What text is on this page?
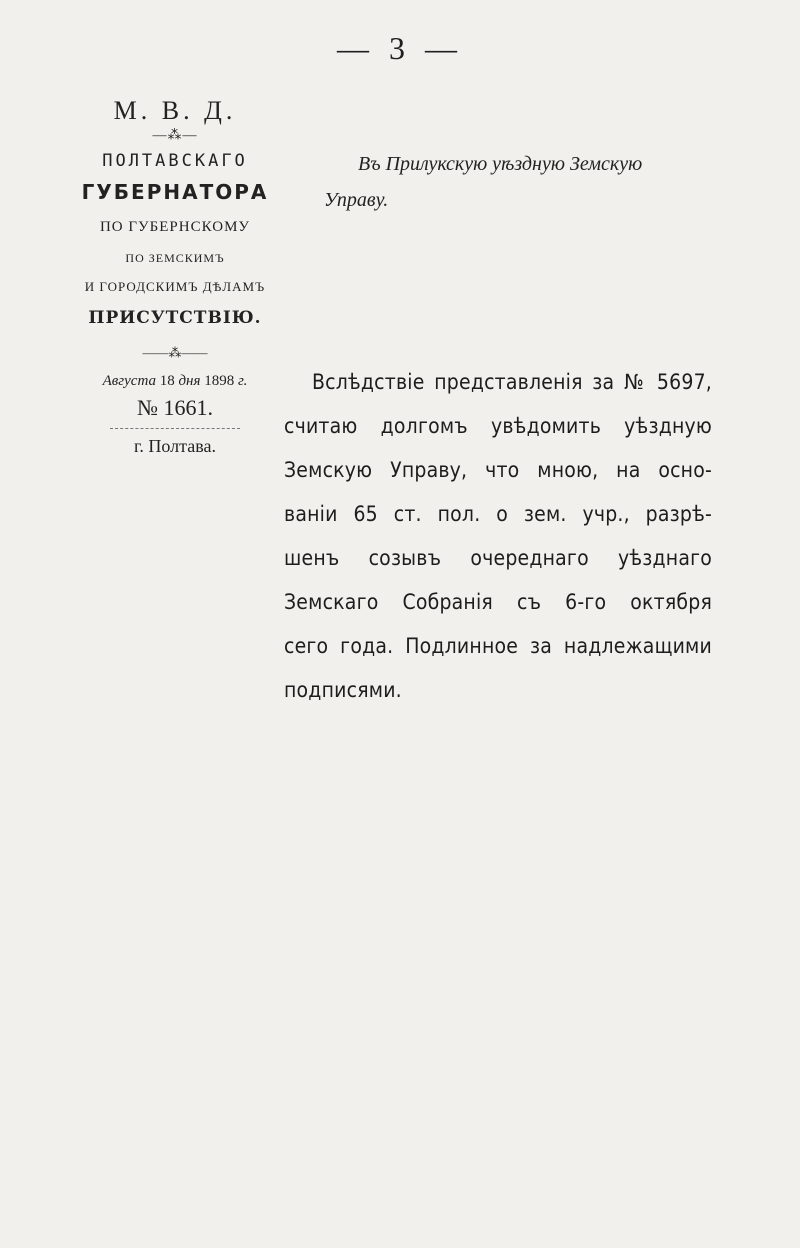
— 3 —
М. В. Д.
—⁂—
ПОЛТАВСКАГО
ГУБЕРНАТОРА
ПО ГУБЕРНСКОМУ
ПО ЗЕМСКИМЪ
И ГОРОДСКИМЪ ДѢЛАМЪ
ПРИСУТСТВІЮ.
——⁂——
Августа 18 дня 1898 г.
№ 1661.
г. Полтава.
Въ Прилукскую уѣздную Земскую
Управу.
Вслѣдствіе представленія за № 5697,
считаю долгомъ увѣдомить уѣздную
Земскую Управу, что мною, на осно-
ваніи 65 ст. пол. о зем. учр., разрѣ-
шенъ созывъ очереднаго уѣзднаго
Земскаго Собранія съ 6-го октября
сего года. Подлинное за надлежащими
подписями.
